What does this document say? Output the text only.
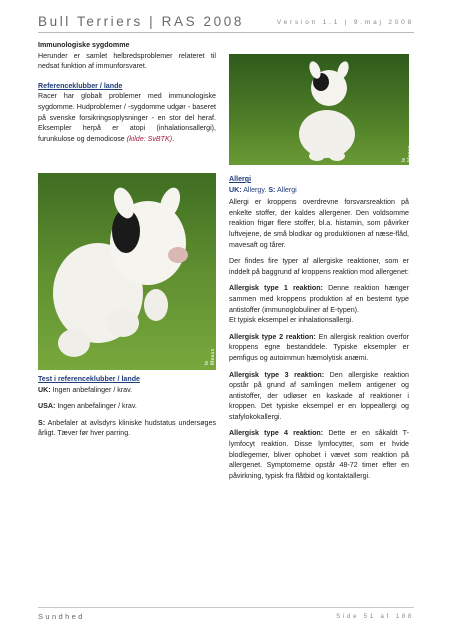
Bull Terriers | RAS 2008	Version 1.1 | 9.maj 2008

Immunologiske sygdomme

Herunder er samlet helbredsproblemer relateret til nedsat funktion af immunforsvaret.

Referenceklubber / lande

Racer har globalt problemer med immunologiske sygdomme. Hudproblemer / -sygdomme udgør - baseret på svenske forsikringsoplysninger - en stor del heraf. Eksempler herpå er atopi (inhalationsallergi), furunkulose og demodicose (kilde: SvBTK).

le Meaux

Test i referenceklubber / lande

UK: Ingen anbefalinger / krav.

USA: Ingen anbefalinger / krav.

S: Anbefaler at avlsdyrs kliniske hudstatus undersøges årligt. Tæver før hver parring.

le Meaux

Allergi

UK: Allergy. S: Allergi

Allergi er kroppens overdrevne forsvarsreaktion på enkelte stoffer, der kaldes allergener. Den voldsomme reaktion frigør flere stoffer, bl.a. histamin, som påvirker luftvejene, de små blodkar og produktionen af næse-flåd, mavesaft og tårer.

Der findes fire typer af allergiske reaktioner, som er inddelt på baggrund af kroppens reaktion mod allergenet:

Allergisk type 1 reaktion: Denne reaktion hænger sammen med kroppens produktion af en bestemt type antistoffer (immunoglobuliner af E-typen).

Et typisk eksempel er inhalationsallergi.

Allergisk type 2 reaktion: En allergisk reaktion overfor kroppens egne bestanddele. Typiske eksempler er pemfigus og autoimmun hæmolytisk anæmi.

Allergisk type 3 reaktion: Den allergiske reaktion opstår på grund af samlingen mellem antigener og antistoffer, der udløser en kaskade af reaktioner i kroppen. Det typiske eksempel er en loppeallergi og stafylokokallergi.

Allergisk type 4 reaktion: Dette er en såkaldt T-lymfocyt reaktion. Disse lymfocytter, som er hvide blodlegemer, bliver ophobet i vævet som reaktion på allergenet. Symptomerne opstår 48-72 timer efter en påvirkning, typisk fra flåtbid og kontaktallergi.

Sundhed	Side 51 af 188
